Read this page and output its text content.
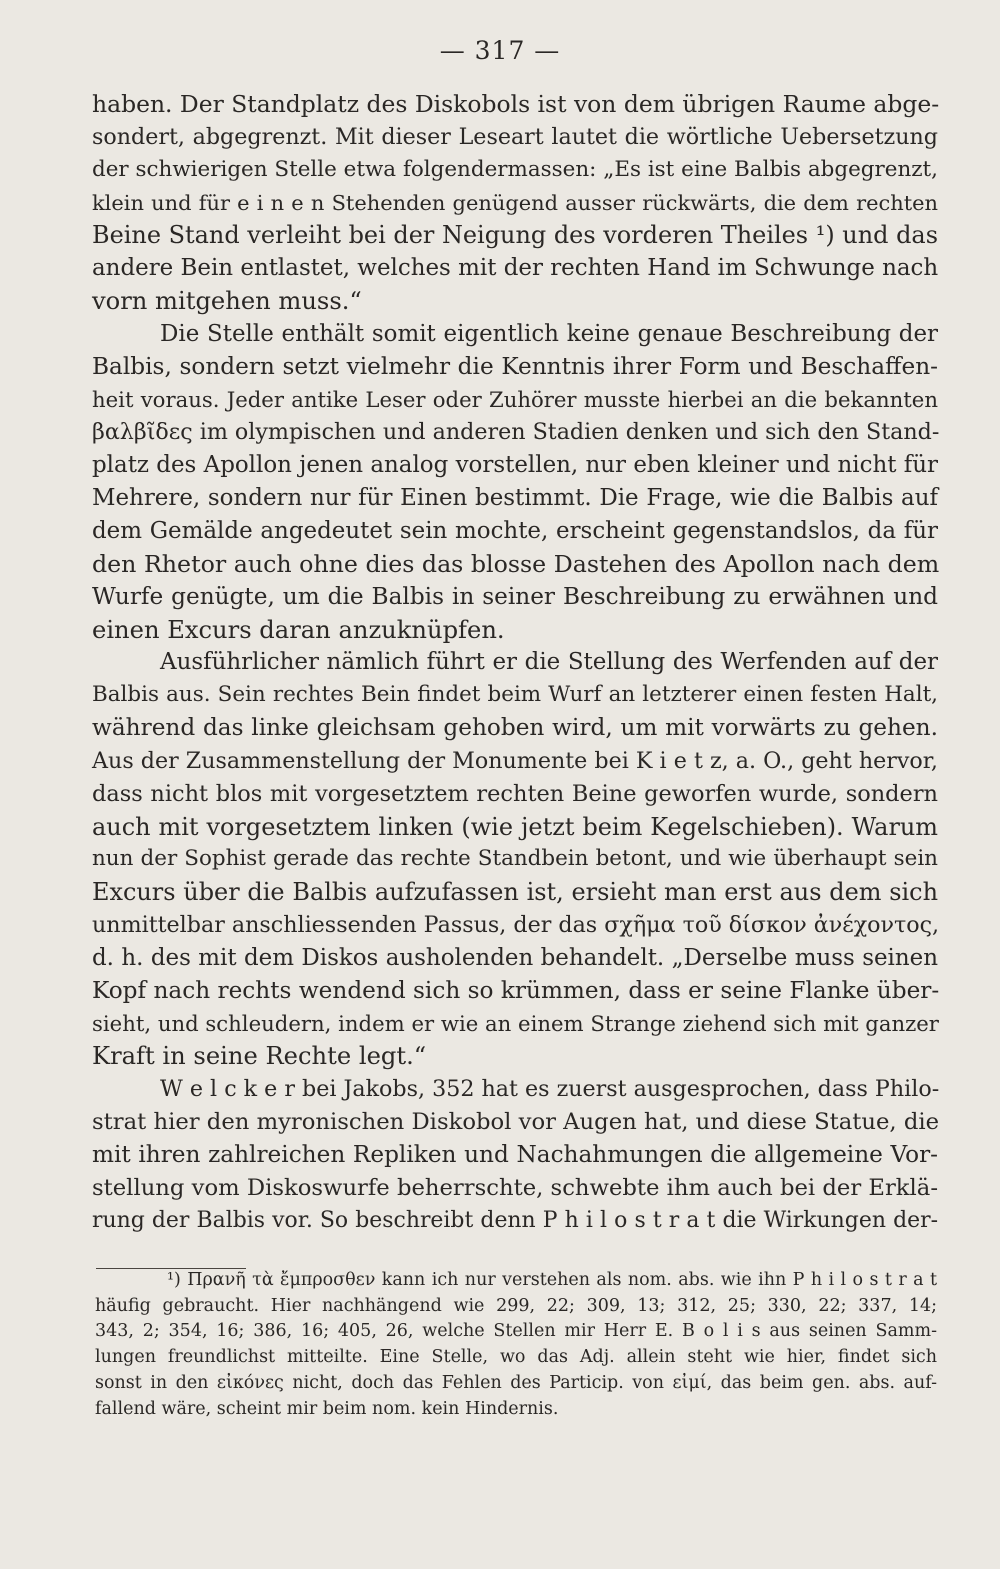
— 317 —
haben. Der Standplatz des Diskobols ist von dem übrigen Raume abge-
sondert, abgegrenzt. Mit dieser Leseart lautet die wörtliche Uebersetzung
der schwierigen Stelle etwa folgendermassen: „Es ist eine Balbis abgegrenzt,
klein und für e i n e n Stehenden genügend ausser rückwärts, die dem rechten
Beine Stand verleiht bei der Neigung des vorderen Theiles ¹) und das
andere Bein entlastet, welches mit der rechten Hand im Schwunge nach
vorn mitgehen muss.“
Die Stelle enthält somit eigentlich keine genaue Beschreibung der
Balbis, sondern setzt vielmehr die Kenntnis ihrer Form und Beschaffen-
heit voraus. Jeder antike Leser oder Zuhörer musste hierbei an die bekannten
βαλβῖδες im olympischen und anderen Stadien denken und sich den Stand-
platz des Apollon jenen analog vorstellen, nur eben kleiner und nicht für
Mehrere, sondern nur für Einen bestimmt. Die Frage, wie die Balbis auf
dem Gemälde angedeutet sein mochte, erscheint gegenstandslos, da für
den Rhetor auch ohne dies das blosse Dastehen des Apollon nach dem
Wurfe genügte, um die Balbis in seiner Beschreibung zu erwähnen und
einen Excurs daran anzuknüpfen.
Ausführlicher nämlich führt er die Stellung des Werfenden auf der
Balbis aus. Sein rechtes Bein findet beim Wurf an letzterer einen festen Halt,
während das linke gleichsam gehoben wird, um mit vorwärts zu gehen.
Aus der Zusammenstellung der Monumente bei K i e t z, a. O., geht hervor,
dass nicht blos mit vorgesetztem rechten Beine geworfen wurde, sondern
auch mit vorgesetztem linken (wie jetzt beim Kegelschieben). Warum
nun der Sophist gerade das rechte Standbein betont, und wie überhaupt sein
Excurs über die Balbis aufzufassen ist, ersieht man erst aus dem sich
unmittelbar anschliessenden Passus, der das σχῆμα τοῦ δίσκον ἀνέχοντος,
d. h. des mit dem Diskos ausholenden behandelt. „Derselbe muss seinen
Kopf nach rechts wendend sich so krümmen, dass er seine Flanke über-
sieht, und schleudern, indem er wie an einem Strange ziehend sich mit ganzer
Kraft in seine Rechte legt.“
W e l c k e r bei Jakobs, 352 hat es zuerst ausgesprochen, dass Philo-
strat hier den myronischen Diskobol vor Augen hat, und diese Statue, die
mit ihren zahlreichen Repliken und Nachahmungen die allgemeine Vor-
stellung vom Diskoswurfe beherrschte, schwebte ihm auch bei der Erklä-
rung der Balbis vor. So beschreibt denn P h i l o s t r a t die Wirkungen der-
¹) Πρανῆ τὰ ἔμπροσθεν kann ich nur verstehen als nom. abs. wie ihn P h i l o s t r a t
häufig gebraucht. Hier nachhängend wie 299, 22; 309, 13; 312, 25; 330, 22; 337, 14;
343, 2; 354, 16; 386, 16; 405, 26, welche Stellen mir Herr E. B o l i s aus seinen Samm-
lungen freundlichst mitteilte. Eine Stelle, wo das Adj. allein steht wie hier, findet sich
sonst in den εἰκόνες nicht, doch das Fehlen des Particip. von εἰμί, das beim gen. abs. auf-
fallend wäre, scheint mir beim nom. kein Hindernis.
